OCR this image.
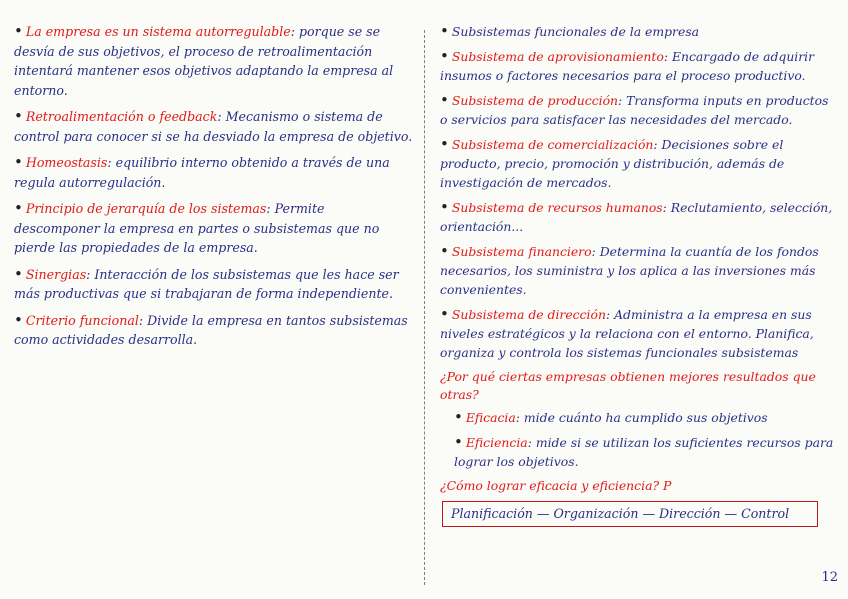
• La empresa es un sistema autorregulable: porque se se desvía de sus objetivos, el proceso de retroalimentación intentará mantener esos objetivos adaptando la empresa al entorno.

• Retroalimentación o feedback: Mecanismo o sistema de control para conocer si se ha desviado la empresa de objetivo.

• Homeostasis: equilibrio interno obtenido a través de una regula autorregulación.

• Principio de jerarquía de los sistemas: Permite descomponer la empresa en partes o subsistemas que no pierde las propiedades de la empresa.

• Sinergias: Interacción de los subsistemas que les hace ser más productivas que si trabajaran de forma independiente.

• Criterio funcional: Divide la empresa en tantos subsistemas como actividades desarrolla.

• Subsistemas funcionales de la empresa

• Subsistema de aprovisionamiento: Encargado de adquirir insumos o factores necesarios para el proceso productivo.

• Subsistema de producción: Transforma inputs en productos o servicios para satisfacer las necesidades del mercado.

• Subsistema de comercialización: Decisiones sobre el producto, precio, promoción y distribución, además de investigación de mercados.

• Subsistema de recursos humanos: Reclutamiento, selección, orientación...

• Subsistema financiero: Determina la cuantía de los fondos necesarios, los suministra y los aplica a las inversiones más convenientes.

• Subsistema de dirección: Administra a la empresa en sus niveles estratégicos y la relaciona con el entorno. Planifica, organiza y controla los sistemas funcionales subsistemas

¿Por qué ciertas empresas obtienen mejores resultados que otras?

• Eficacia: mide cuánto ha cumplido sus objetivos

• Eficiencia: mide si se utilizan los suficientes recursos para lograr los objetivos.

¿Cómo lograr eficacia y eficiencia? P

Planificación — Organización — Dirección — Control
12
